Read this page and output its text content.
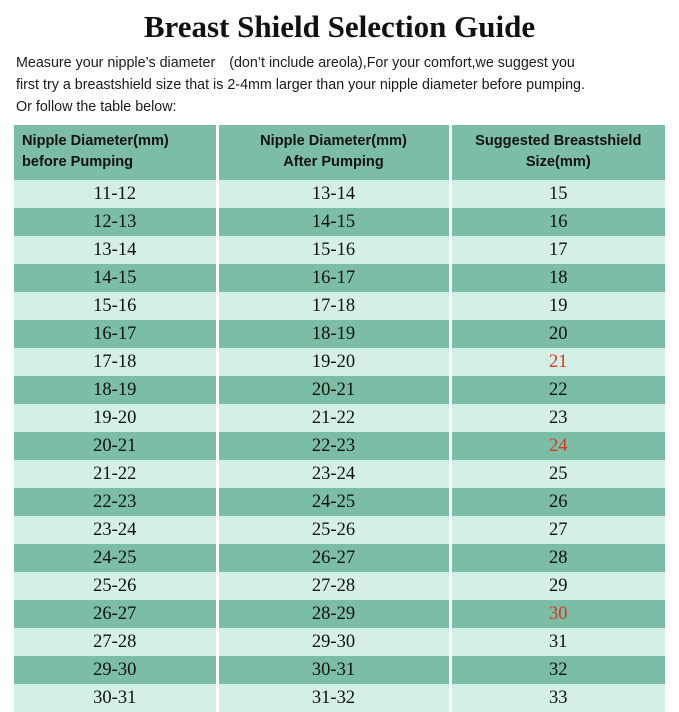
Breast Shield Selection Guide
Measure your nipple’s diameter (don’t include areola),For your comfort,we suggest you
first try a breastshield size that is 2-4mm larger than your nipple diameter before pumping.
Or follow the table below:
Nipple Diameter(mm)
before Pumping

Nipple Diameter(mm)
After Pumping

Suggested Breastshield
Size(mm)

11-12	13-14	15
12-13	14-15	16
13-14	15-16	17
14-15	16-17	18
15-16	17-18	19
16-17	18-19	20
17-18	19-20	21
18-19	20-21	22
19-20	21-22	23
20-21	22-23	24
21-22	23-24	25
22-23	24-25	26
23-24	25-26	27
24-25	26-27	28
25-26	27-28	29
26-27	28-29	30
27-28	29-30	31
29-30	30-31	32
30-31	31-32	33
